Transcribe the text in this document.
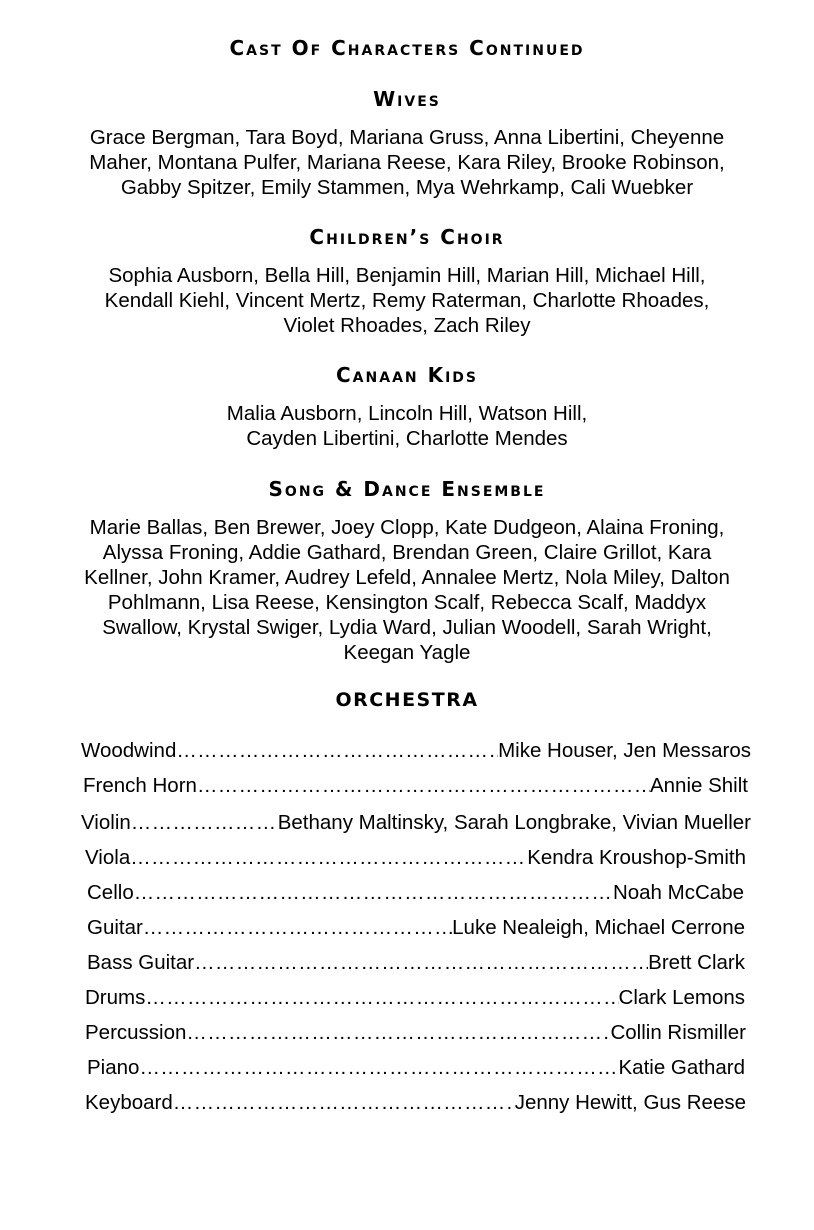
Cast Of Characters Continued
Wives
Grace Bergman, Tara Boyd, Mariana Gruss, Anna Libertini, Cheyenne
Maher, Montana Pulfer, Mariana Reese, Kara Riley, Brooke Robinson,
Gabby Spitzer, Emily Stammen, Mya Wehrkamp, Cali Wuebker
Children’s Choir
Sophia Ausborn, Bella Hill, Benjamin Hill, Marian Hill, Michael Hill,
Kendall Kiehl, Vincent Mertz, Remy Raterman, Charlotte Rhoades,
Violet Rhoades, Zach Riley
Canaan Kids
Malia Ausborn, Lincoln Hill, Watson Hill,
Cayden Libertini, Charlotte Mendes
Song & Dance Ensemble
Marie Ballas, Ben Brewer, Joey Clopp, Kate Dudgeon, Alaina Froning,
Alyssa Froning, Addie Gathard, Brendan Green, Claire Grillot, Kara
Kellner, John Kramer, Audrey Lefeld, Annalee Mertz, Nola Miley, Dalton
Pohlmann, Lisa Reese, Kensington Scalf, Rebecca Scalf, Maddyx
Swallow, Krystal Swiger, Lydia Ward, Julian Woodell, Sarah Wright,
Keegan Yagle
ORCHESTRA
Woodwind …………………………………………………………………………………………………………	Mike Houser, Jen Messaros
French Horn …………………………………………………………………………………………………………	Annie Shilt
Violin …………………………………………………………………………………………………………	Bethany Maltinsky, Sarah Longbrake, Vivian Mueller
Viola …………………………………………………………………………………………………………	Kendra Kroushop-Smith
Cello …………………………………………………………………………………………………………	Noah McCabe
Guitar …………………………………………………………………………………………………………	Luke Nealeigh, Michael Cerrone
Bass Guitar …………………………………………………………………………………………………………	Brett Clark
Drums …………………………………………………………………………………………………………	Clark Lemons
Percussion …………………………………………………………………………………………………………	Collin Rismiller
Piano …………………………………………………………………………………………………………	Katie Gathard
Keyboard …………………………………………………………………………………………………………	Jenny Hewitt, Gus Reese
